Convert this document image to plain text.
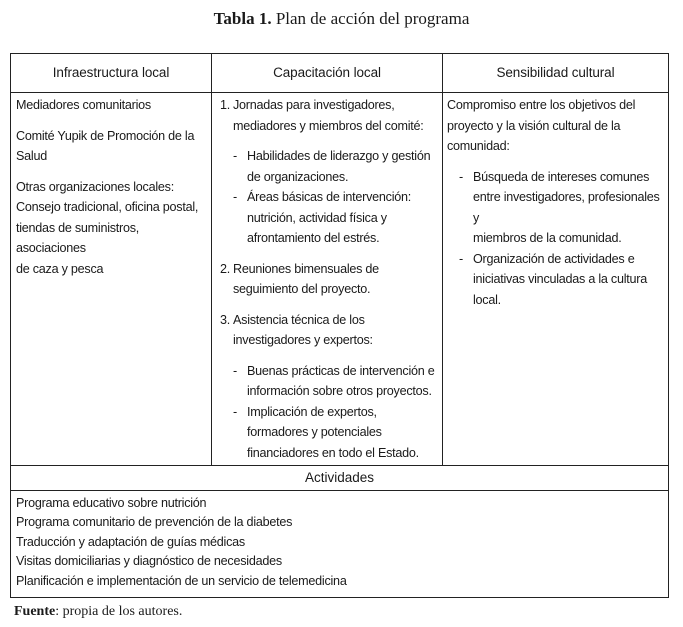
Tabla 1. Plan de acción del programa
Infraestructura local	Capacitación local	Sensibilidad cultural

Mediadores comunitarios

Comité Yupik de Promoción de la

Salud

Otras organizaciones locales:

Consejo tradicional, oficina postal,

tiendas de suministros, asociaciones

de caza y pesca

1. Jornadas para investigadores,
mediadores y miembros del comité:
- Habilidades de liderazgo y gestión
de organizaciones.
- Áreas básicas de intervención:
nutrición, actividad física y
afrontamiento del estrés.
2. Reuniones bimensuales de
seguimiento del proyecto.
3. Asistencia técnica de los
investigadores y expertos:
- Buenas prácticas de intervención e
información sobre otros proyectos.
- Implicación de expertos,
formadores y potenciales
financiadores en todo el Estado.

Compromiso entre los objetivos del

proyecto y la visión cultural de la

comunidad:

- Búsqueda de intereses comunes
entre investigadores, profesionales y
miembros de la comunidad.
- Organización de actividades e
iniciativas vinculadas a la cultura
local.
Actividades
Programa educativo sobre nutrición
Programa comunitario de prevención de la diabetes
Traducción y adaptación de guías médicas
Visitas domiciliarias y diagnóstico de necesidades
Planificación e implementación de un servicio de telemedicina
Fuente: propia de los autores.
